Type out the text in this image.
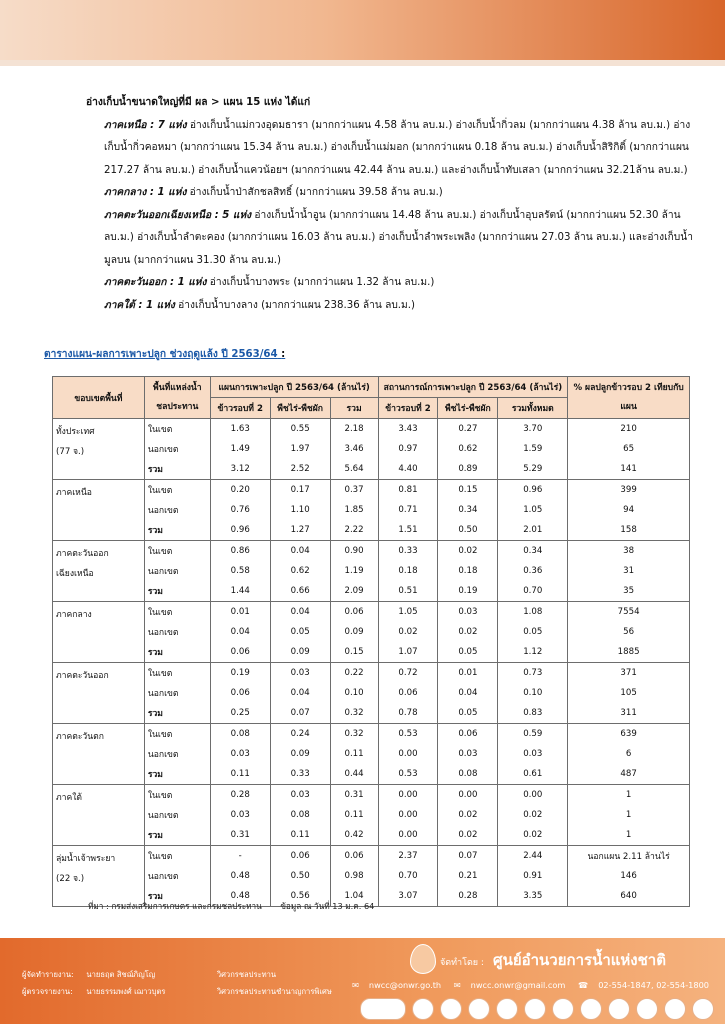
อ่างเก็บน้ำขนาดใหญ่ที่มี ผล > แผน 15 แห่ง ได้แก่

ภาคเหนือ : 7 แห่ง อ่างเก็บน้ำแม่กวงอุดมธารา (มากกว่าแผน 4.58 ล้าน ลบ.ม.) อ่างเก็บน้ำกิ่วลม (มากกว่าแผน 4.38 ล้าน ลบ.ม.) อ่างเก็บน้ำกิ่วคอหมา (มากกว่าแผน 15.34 ล้าน ลบ.ม.) อ่างเก็บน้ำแม่มอก (มากกว่าแผน 0.18 ล้าน ลบ.ม.) อ่างเก็บน้ำสิริกิติ์ (มากกว่าแผน 217.27 ล้าน ลบ.ม.) อ่างเก็บน้ำแควน้อยฯ (มากกว่าแผน 42.44 ล้าน ลบ.ม.) และอ่างเก็บน้ำทับเสลา (มากกว่าแผน 32.21ล้าน ลบ.ม.)

ภาคกลาง : 1 แห่ง อ่างเก็บน้ำป่าสักชลสิทธิ์ (มากกว่าแผน 39.58 ล้าน ลบ.ม.)

ภาคตะวันออกเฉียงเหนือ : 5 แห่ง อ่างเก็บน้ำน้ำอูน (มากกว่าแผน 14.48 ล้าน ลบ.ม.) อ่างเก็บน้ำอุบลรัตน์ (มากกว่าแผน 52.30 ล้าน ลบ.ม.) อ่างเก็บน้ำลำตะคอง (มากกว่าแผน 16.03 ล้าน ลบ.ม.) อ่างเก็บน้ำลำพระเพลิง (มากกว่าแผน 27.03 ล้าน ลบ.ม.) และอ่างเก็บน้ำมูลบน (มากกว่าแผน 31.30 ล้าน ลบ.ม.)

ภาคตะวันออก : 1 แห่ง อ่างเก็บน้ำบางพระ (มากกว่าแผน 1.32 ล้าน ลบ.ม.)

ภาคใต้ : 1 แห่ง อ่างเก็บน้ำบางลาง (มากกว่าแผน 238.36 ล้าน ลบ.ม.)

ตารางแผน-ผลการเพาะปลูก ช่วงฤดูแล้ง ปี 2563/64 :
ขอบเขตพื้นที่	พื้นที่แหล่งน้ำชลประทาน	แผนการเพาะปลูก ปี 2563/64 (ล้านไร่)			สถานการณ์การเพาะปลูก ปี 2563/64 (ล้านไร่)			% ผลปลูกข้าวรอบ 2 เทียบกับแผน
		ข้าวรอบที่ 2	พืชไร่-พืชผัก	รวม	ข้าวรอบที่ 2	พืชไร่-พืชผัก	รวมทั้งหมด	

ทั้งประเทศ
(77 จ.)	ในเขต	1.63	0.55	2.18	3.43	0.27	3.70	210
	นอกเขต	1.49	1.97	3.46	0.97	0.62	1.59	65
	รวม	3.12	2.52	5.64	4.40	0.89	5.29	141

ภาคเหนือ	ในเขต	0.20	0.17	0.37	0.81	0.15	0.96	399
	นอกเขต	0.76	1.10	1.85	0.71	0.34	1.05	94
	รวม	0.96	1.27	2.22	1.51	0.50	2.01	158

ภาคตะวันออก
เฉียงเหนือ	ในเขต	0.86	0.04	0.90	0.33	0.02	0.34	38
	นอกเขต	0.58	0.62	1.19	0.18	0.18	0.36	31
	รวม	1.44	0.66	2.09	0.51	0.19	0.70	35

ภาคกลาง	ในเขต	0.01	0.04	0.06	1.05	0.03	1.08	7554
	นอกเขต	0.04	0.05	0.09	0.02	0.02	0.05	56
	รวม	0.06	0.09	0.15	1.07	0.05	1.12	1885

ภาคตะวันออก	ในเขต	0.19	0.03	0.22	0.72	0.01	0.73	371
	นอกเขต	0.06	0.04	0.10	0.06	0.04	0.10	105
	รวม	0.25	0.07	0.32	0.78	0.05	0.83	311

ภาคตะวันตก	ในเขต	0.08	0.24	0.32	0.53	0.06	0.59	639
	นอกเขต	0.03	0.09	0.11	0.00	0.03	0.03	6
	รวม	0.11	0.33	0.44	0.53	0.08	0.61	487

ภาคใต้	ในเขต	0.28	0.03	0.31	0.00	0.00	0.00	1
	นอกเขต	0.03	0.08	0.11	0.00	0.02	0.02	1
	รวม	0.31	0.11	0.42	0.00	0.02	0.02	1

ลุ่มน้ำเจ้าพระยา
(22 จ.)	ในเขต	-	0.06	0.06	2.37	0.07	2.44	นอกแผน 2.11 ล้านไร่
	นอกเขต	0.48	0.50	0.98	0.70	0.21	0.91	146
	รวม	0.48	0.56	1.04	3.07	0.28	3.35	640
ที่มา : กรมส่งเสริมการเกษตร และกรมชลประทาน ข้อมูล ณ วันที่ 13 ม.ค. 64
ผู้จัดทำรายงาน: นายธฤต สิชฌ์ภิญโญ	วิศวกรชลประทาน
ผู้ตรวจรายงาน: นายธรรมพงศ์ เฌาวบุตร	วิศวกรชลประทานชำนาญการพิเศษ
จัดทำโดย : ศูนย์อำนวยการน้ำแห่งชาติ
✉ nwcc@onwr.go.th ✉ nwcc.onwr@gmail.com ☎ 02-554-1847, 02-554-1800
